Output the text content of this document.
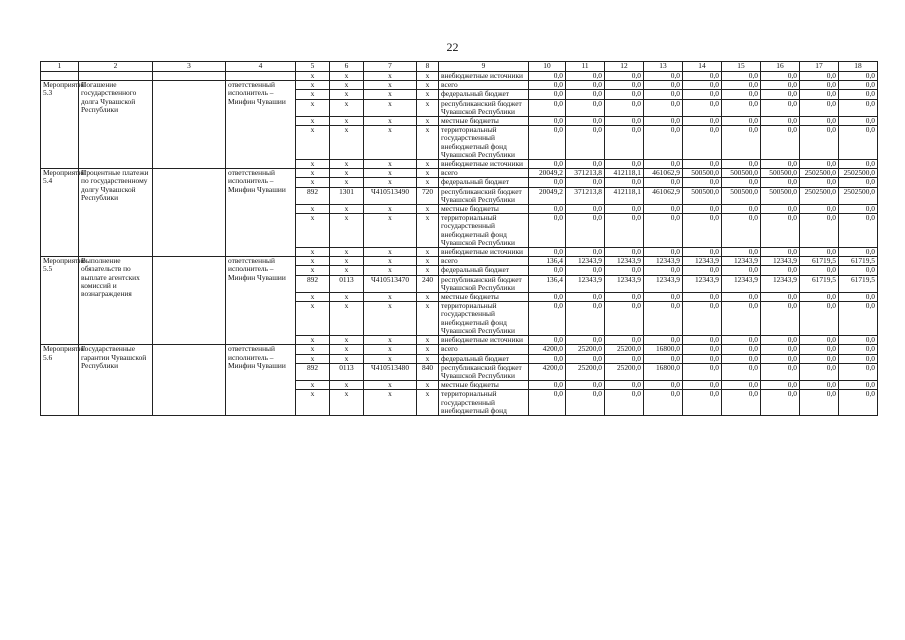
22
1	2	3	4	5	6	7	8	9	10	11	12	13	14	15	16	17	18
				x	x	x	x	внебюджетные источники	0,0	0,0	0,0	0,0	0,0	0,0	0,0	0,0	0,0
Мероприятие 5.3	Погашение государственного долга Чувашской Республики		ответственный исполнитель – Минфин Чувашии	x	x	x	x	всего	0,0	0,0	0,0	0,0	0,0	0,0	0,0	0,0	0,0
				x	x	x	x	федеральный бюджет	0,0	0,0	0,0	0,0	0,0	0,0	0,0	0,0	0,0
				x	x	x	x	республиканский бюджет Чувашской Республики	0,0	0,0	0,0	0,0	0,0	0,0	0,0	0,0	0,0
				x	x	x	x	местные бюджеты	0,0	0,0	0,0	0,0	0,0	0,0	0,0	0,0	0,0
				x	x	x	x	территориальный государственный внебюджетный фонд Чувашской Республики	0,0	0,0	0,0	0,0	0,0	0,0	0,0	0,0	0,0
				x	x	x	x	внебюджетные источники	0,0	0,0	0,0	0,0	0,0	0,0	0,0	0,0	0,0
Мероприятие 5.4	Процентные платежи по государственному долгу Чувашской Республики		ответственный исполнитель – Минфин Чувашии	x	x	x	x	всего	20049,2	371213,8	412118,1	461062,9	500500,0	500500,0	500500,0	2502500,0	2502500,0
				x	x	x	x	федеральный бюджет	0,0	0,0	0,0	0,0	0,0	0,0	0,0	0,0	0,0
				892	1301	Ч410513490	720	республиканский бюджет Чувашской Республики	20049,2	371213,8	412118,1	461062,9	500500,0	500500,0	500500,0	2502500,0	2502500,0
				x	x	x	x	местные бюджеты	0,0	0,0	0,0	0,0	0,0	0,0	0,0	0,0	0,0
				x	x	x	x	территориальный государственный внебюджетный фонд Чувашской Республики	0,0	0,0	0,0	0,0	0,0	0,0	0,0	0,0	0,0
				x	x	x	x	внебюджетные источники	0,0	0,0	0,0	0,0	0,0	0,0	0,0	0,0	0,0
Мероприятие 5.5	Выполнение обязательств по выплате агентских комиссий и вознаграждения		ответственный исполнитель – Минфин Чувашии	x	x	x	x	всего	136,4	12343,9	12343,9	12343,9	12343,9	12343,9	12343,9	61719,5	61719,5
				x	x	x	x	федеральный бюджет	0,0	0,0	0,0	0,0	0,0	0,0	0,0	0,0	0,0
				892	0113	Ч410513470	240	республиканский бюджет Чувашской Республики	136,4	12343,9	12343,9	12343,9	12343,9	12343,9	12343,9	61719,5	61719,5
				x	x	x	x	местные бюджеты	0,0	0,0	0,0	0,0	0,0	0,0	0,0	0,0	0,0
				x	x	x	x	территориальный государственный внебюджетный фонд Чувашской Республики	0,0	0,0	0,0	0,0	0,0	0,0	0,0	0,0	0,0
				x	x	x	x	внебюджетные источники	0,0	0,0	0,0	0,0	0,0	0,0	0,0	0,0	0,0
Мероприятие 5.6	Государственные гарантии Чувашской Республики		ответственный исполнитель – Минфин Чувашии	x	x	x	x	всего	4200,0	25200,0	25200,0	16800,0	0,0	0,0	0,0	0,0	0,0
				x	x	x	x	федеральный бюджет	0,0	0,0	0,0	0,0	0,0	0,0	0,0	0,0	0,0
				892	0113	Ч410513480	840	республиканский бюджет Чувашской Республики	4200,0	25200,0	25200,0	16800,0	0,0	0,0	0,0	0,0	0,0
				x	x	x	x	местные бюджеты	0,0	0,0	0,0	0,0	0,0	0,0	0,0	0,0	0,0
				x	x	x	x	территориальный государственный внебюджетный фонд	0,0	0,0	0,0	0,0	0,0	0,0	0,0	0,0	0,0
